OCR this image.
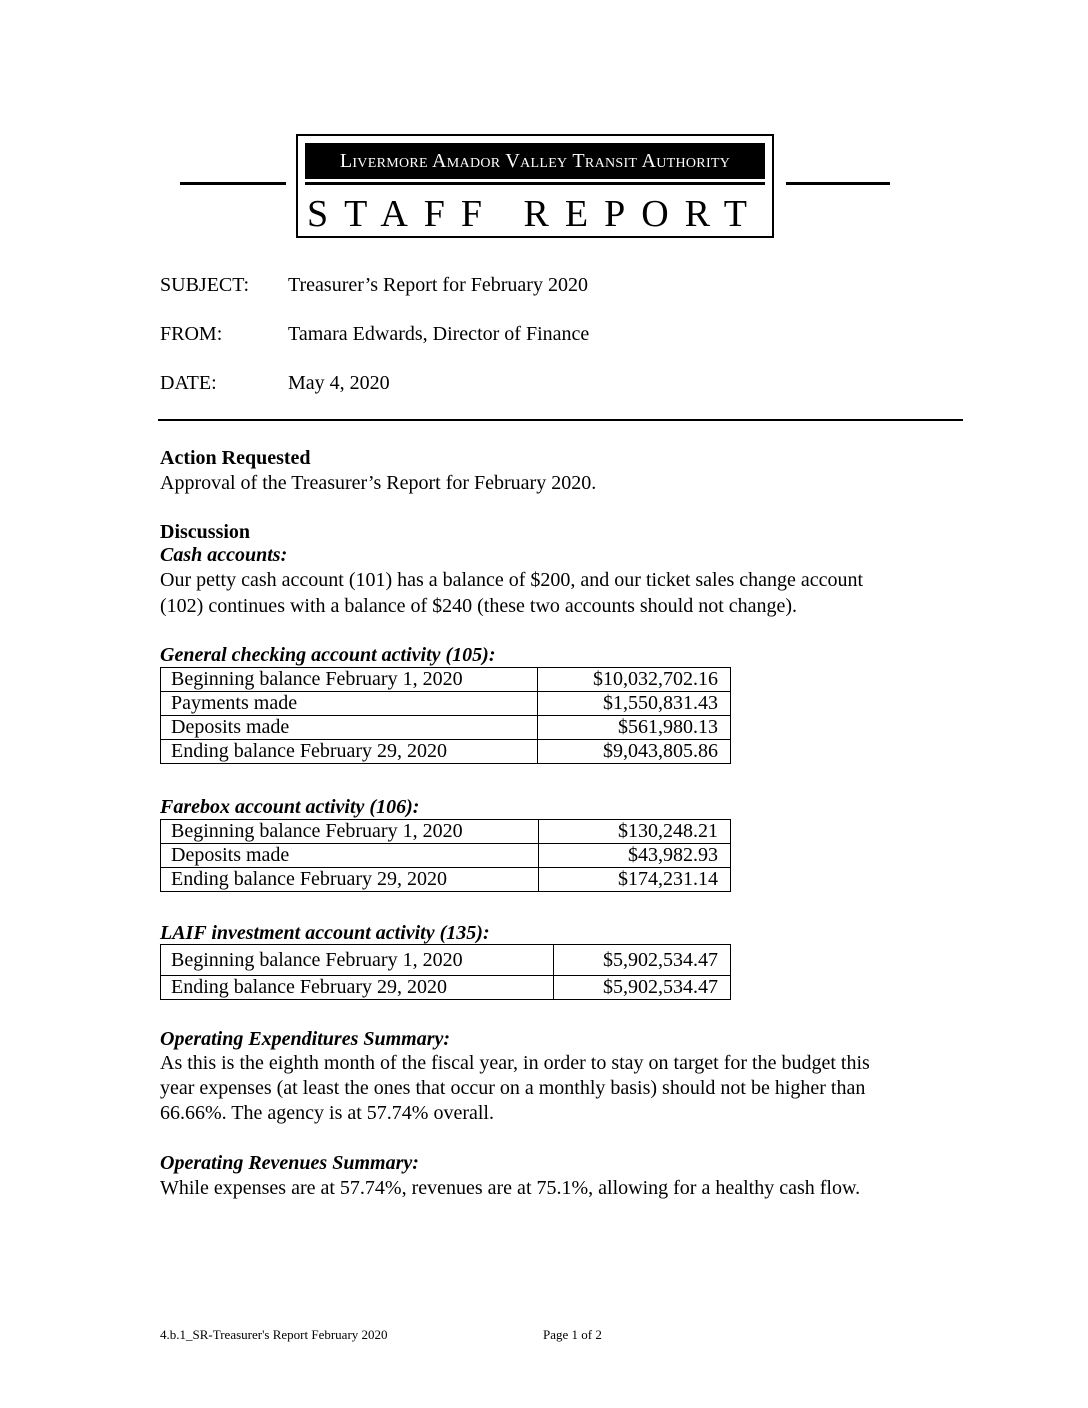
Livermore Amador Valley Transit Authority
STAFF REPORT
SUBJECT: Treasurer’s Report for February 2020
FROM:	Tamara Edwards, Director of Finance
DATE:	May 4, 2020
Action Requested
Approval of the Treasurer’s Report for February 2020.
Discussion
Cash accounts:
Our petty cash account (101) has a balance of $200, and our ticket sales change account
(102) continues with a balance of $240 (these two accounts should not change).
General checking account activity (105):
Beginning balance February 1, 2020	$10,032,702.16
Payments made	$1,550,831.43
Deposits made	$561,980.13
Ending balance February 29, 2020	$9,043,805.86
Farebox account activity (106):
Beginning balance February 1, 2020	$130,248.21
Deposits made	$43,982.93
Ending balance February 29, 2020	$174,231.14
LAIF investment account activity (135):
Beginning balance February 1, 2020	$5,902,534.47
Ending balance February 29, 2020	$5,902,534.47
Operating Expenditures Summary:
As this is the eighth month of the fiscal year, in order to stay on target for the budget this
year expenses (at least the ones that occur on a monthly basis) should not be higher than
66.66%. The agency is at 57.74% overall.
Operating Revenues Summary:
While expenses are at 57.74%, revenues are at 75.1%, allowing for a healthy cash flow.
4.b.1_SR-Treasurer's Report February 2020	Page 1 of 2
